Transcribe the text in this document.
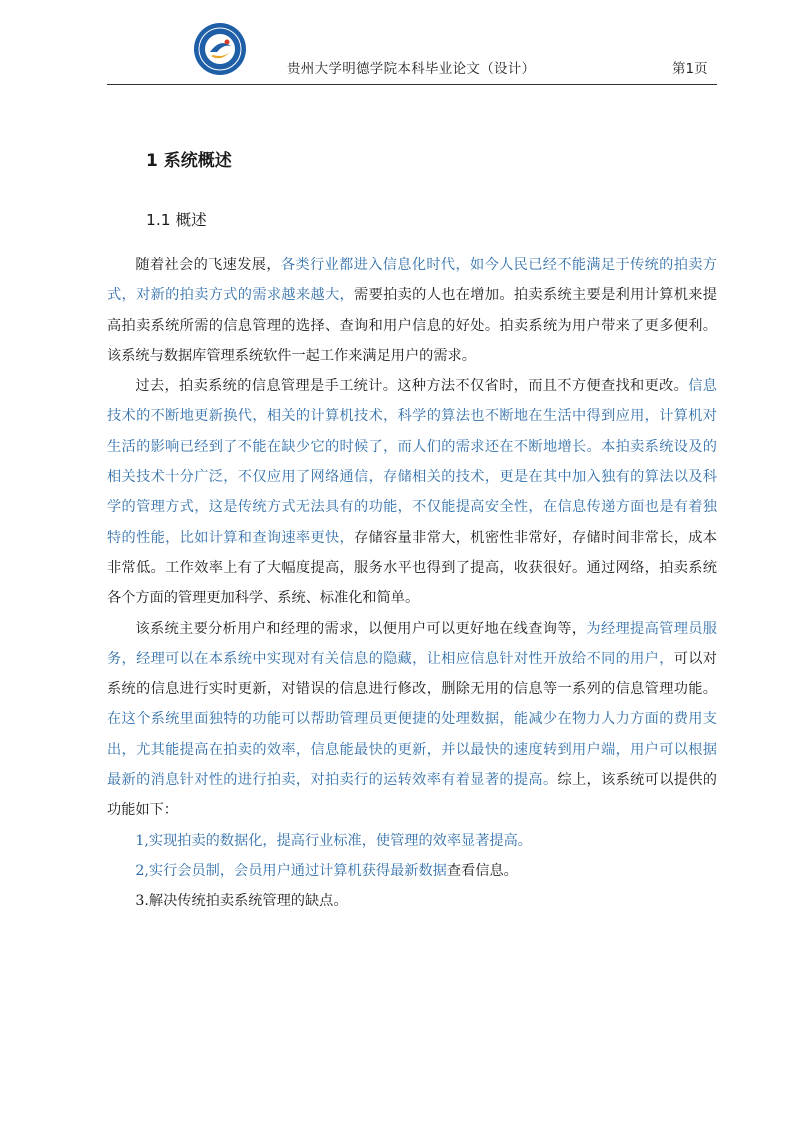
贵州大学明德学院本科毕业论文（设计）	第1页
1 系统概述
1.1 概述

随着社会的飞速发展，各类行业都进入信息化时代，如今人民已经不能满足于传统的拍卖方式，对新的拍卖方式的需求越来越大，需要拍卖的人也在增加。拍卖系统主要是利用计算机来提高拍卖系统所需的信息管理的选择、查询和用户信息的好处。拍卖系统为用户带来了更多便利。该系统与数据库管理系统软件一起工作来满足用户的需求。

过去，拍卖系统的信息管理是手工统计。这种方法不仅省时，而且不方便查找和更改。信息技术的不断地更新换代，相关的计算机技术，科学的算法也不断地在生活中得到应用，计算机对生活的影响已经到了不能在缺少它的时候了，而人们的需求还在不断地增长。本拍卖系统设及的相关技术十分广泛，不仅应用了网络通信，存储相关的技术，更是在其中加入独有的算法以及科学的管理方式，这是传统方式无法具有的功能，不仅能提高安全性，在信息传递方面也是有着独特的性能，比如计算和查询速率更快，存储容量非常大，机密性非常好，存储时间非常长，成本非常低。工作效率上有了大幅度提高，服务水平也得到了提高，收获很好。通过网络，拍卖系统各个方面的管理更加科学、系统、标准化和简单。

该系统主要分析用户和经理的需求，以便用户可以更好地在线查询等，为经理提高管理员服务，经理可以在本系统中实现对有关信息的隐藏，让相应信息针对性开放给不同的用户，可以对系统的信息进行实时更新，对错误的信息进行修改，删除无用的信息等一系列的信息管理功能。在这个系统里面独特的功能可以帮助管理员更便捷的处理数据，能减少在物力人力方面的费用支出，尤其能提高在拍卖的效率，信息能最快的更新，并以最快的速度转到用户端，用户可以根据最新的消息针对性的进行拍卖，对拍卖行的运转效率有着显著的提高。综上，该系统可以提供的功能如下：

1,实现拍卖的数据化，提高行业标准，使管理的效率显著提高。

2,实行会员制，会员用户通过计算机获得最新数据查看信息。

3.解决传统拍卖系统管理的缺点。
